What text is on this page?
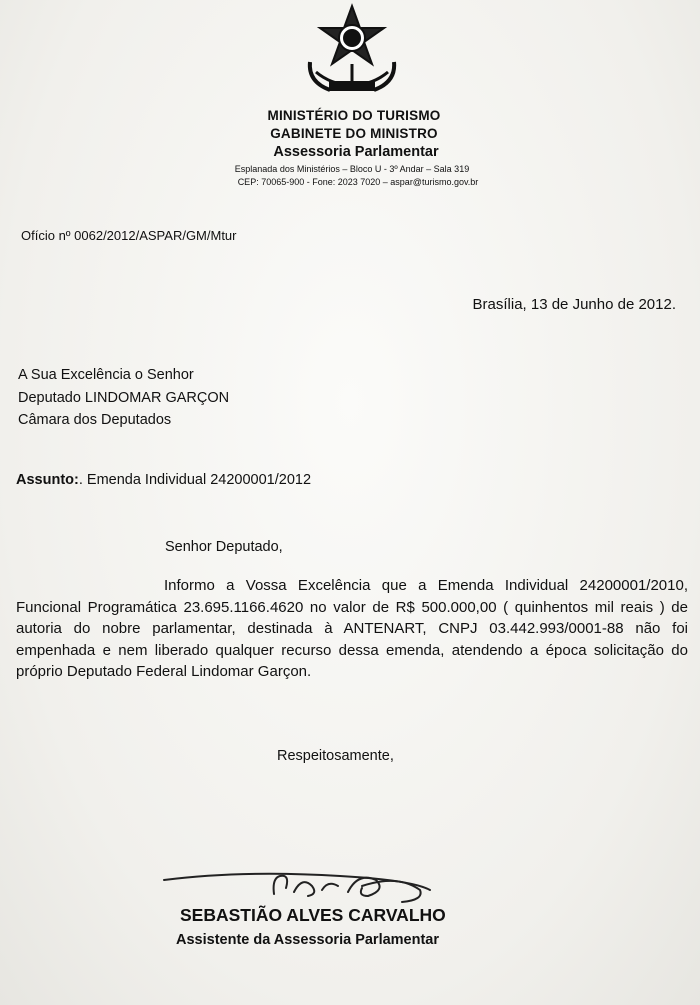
MINISTÉRIO DO TURISMO
GABINETE DO MINISTRO
Assessoria Parlamentar
Esplanada dos Ministérios – Bloco U - 3º Andar – Sala 319
CEP: 70065-900 - Fone: 2023 7020 – aspar@turismo.gov.br
Ofício nº 0062/2012/ASPAR/GM/Mtur
Brasília, 13 de Junho de 2012.
A Sua Excelência o Senhor
Deputado LINDOMAR GARÇON
Câmara dos Deputados
Assunto:. Emenda Individual 24200001/2012
Senhor Deputado,
Informo a Vossa Excelência que a Emenda Individual 24200001/2010, Funcional Programática 23.695.1166.4620 no valor de R$ 500.000,00 ( quinhentos mil reais ) de autoria do nobre parlamentar, destinada à ANTENART, CNPJ 03.442.993/0001-88 não foi empenhada e nem liberado qualquer recurso dessa emenda, atendendo a época solicitação do próprio Deputado Federal Lindomar Garçon.
Respeitosamente,
SEBASTIÃO ALVES CARVALHO
Assistente da Assessoria Parlamentar
